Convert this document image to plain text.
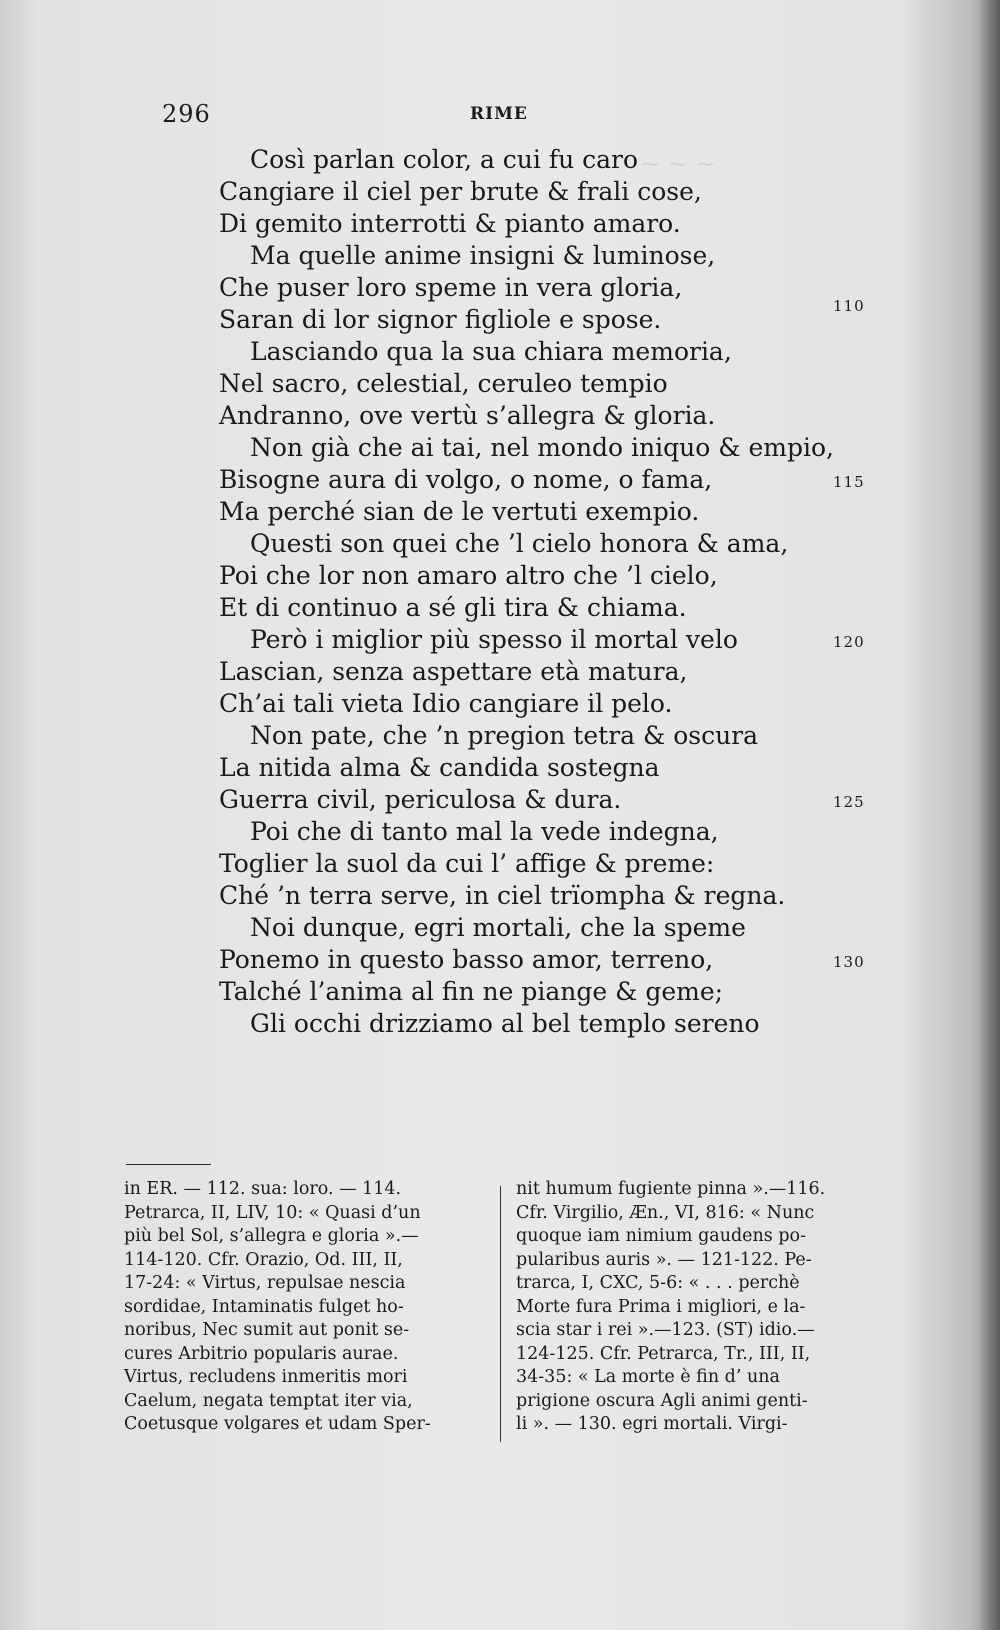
~ ~ ~
296	RIME
Così parlan color, a cui fu caro
Cangiare il ciel per brute & frali cose,
Di gemito interrotti & pianto amaro.
Ma quelle anime insigni & luminose,
Che puser loro speme in vera gloria,
Saran di lor signor figliole e spose.
Lasciando qua la sua chiara memoria,
Nel sacro, celestial, ceruleo tempio
Andranno, ove vertù s’allegra & gloria.
Non già che ai tai, nel mondo iniquo & empio,
Bisogne aura di volgo, o nome, o fama,
Ma perché sian de le vertuti exempio.
Questi son quei che ’l cielo honora & ama,
Poi che lor non amaro altro che ’l cielo,
Et di continuo a sé gli tira & chiama.
Però i miglior più spesso il mortal velo
Lascian, senza aspettare età matura,
Ch’ai tali vieta Idio cangiare il pelo.
Non pate, che ’n pregion tetra & oscura
La nitida alma & candida sostegna
Guerra civil, periculosa & dura.
Poi che di tanto mal la vede indegna,
Toglier la suol da cui l’ affige & preme:
Ché ’n terra serve, in ciel trïompha & regna.
Noi dunque, egri mortali, che la speme
Ponemo in questo basso amor, terreno,
Talché l’anima al fin ne piange & geme;
Gli occhi drizziamo al bel templo sereno
110
115
120
125
130
in ER. — 112. sua: loro. — 114.
Petrarca, II, LIV, 10: « Quasi d’un
più bel Sol, s’allegra e gloria ».—
114-120. Cfr. Orazio, Od. III, II,
17-24: « Virtus, repulsae nescia
sordidae, Intaminatis fulget ho-
noribus, Nec sumit aut ponit se-
cures Arbitrio popularis aurae.
Virtus, recludens inmeritis mori
Caelum, negata temptat iter via,
Coetusque volgares et udam Sper-
nit humum fugiente pinna ».—116.
Cfr. Virgilio, Æn., VI, 816: « Nunc
quoque iam nimium gaudens po-
pularibus auris ». — 121-122. Pe-
trarca, I, CXC, 5-6: « . . . perchè
Morte fura Prima i migliori, e la-
scia star i rei ».—123. (ST) idio.—
124-125. Cfr. Petrarca, Tr., III, II,
34-35: « La morte è fin d’ una
prigione oscura Agli animi genti-
li ». — 130. egri mortali. Virgi-
